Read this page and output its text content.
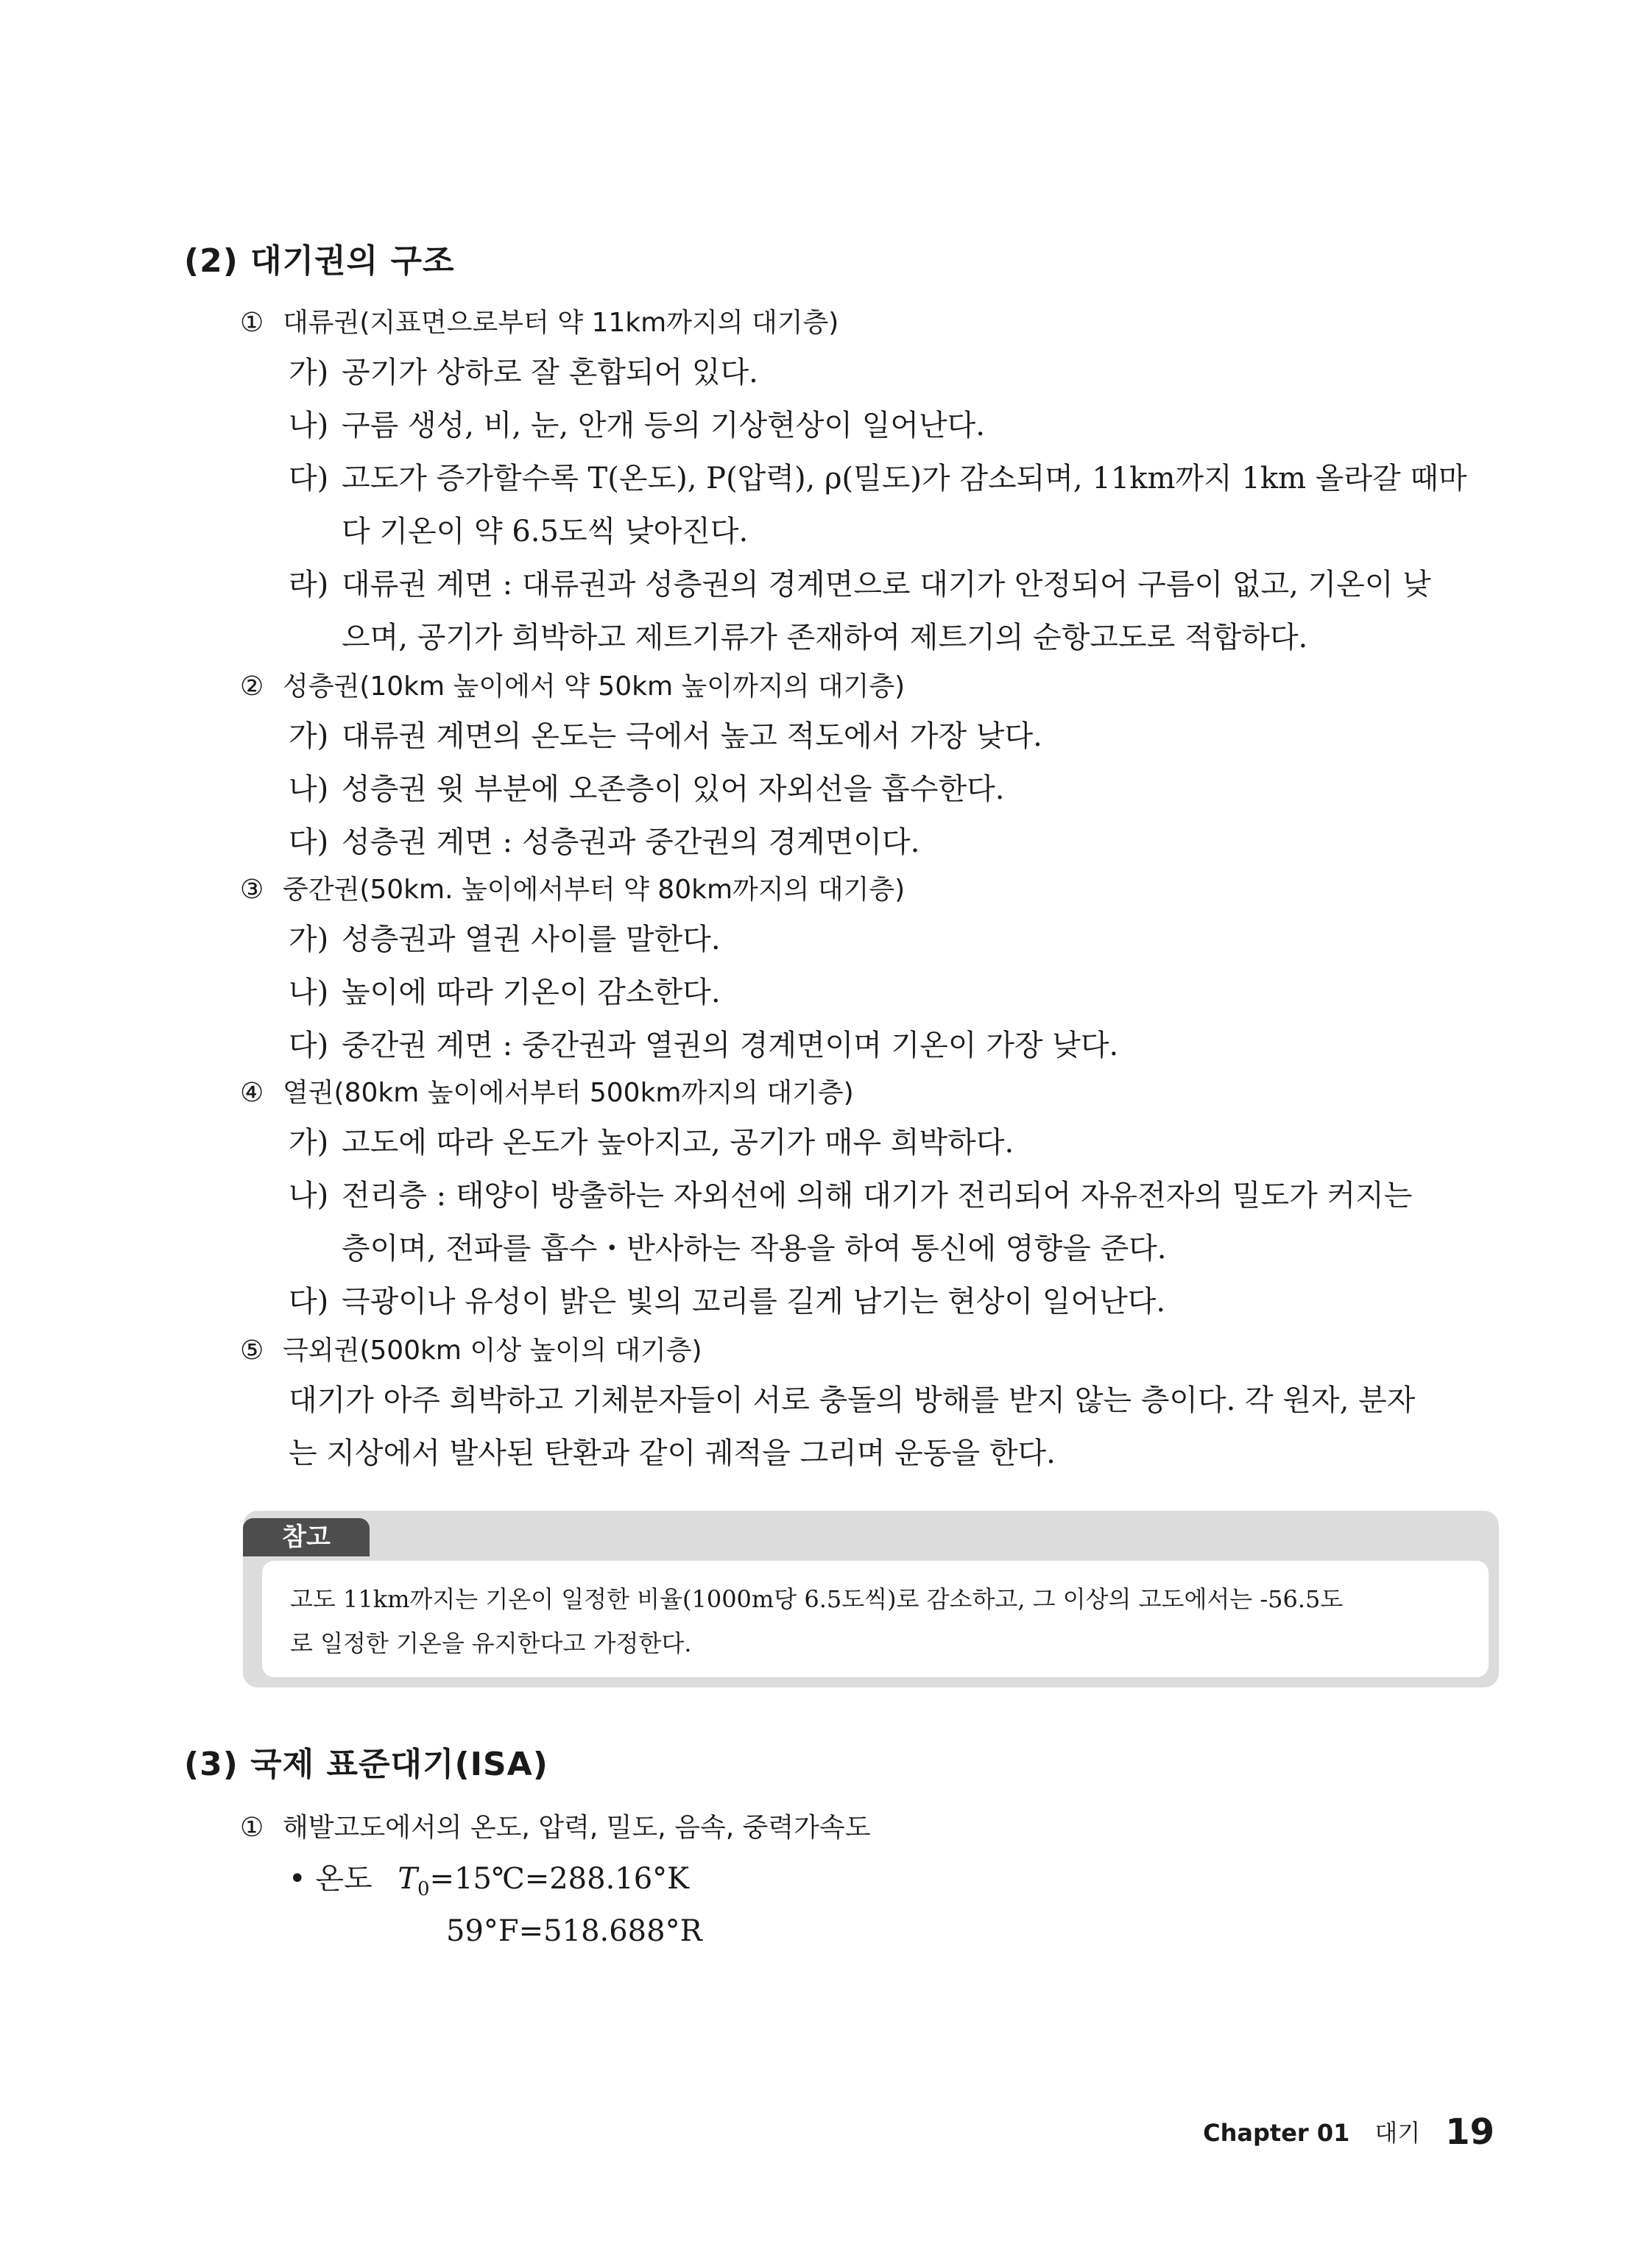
(2) 대기권의 구조
① 대류권(지표면으로부터 약 11km까지의 대기층)
가) 공기가 상하로 잘 혼합되어 있다.
나) 구름 생성, 비, 눈, 안개 등의 기상현상이 일어난다.
다) 고도가 증가할수록 T(온도), P(압력), ρ(밀도)가 감소되며, 11km까지 1km 올라갈 때마
다 기온이 약 6.5도씩 낮아진다.
라) 대류권 계면 : 대류권과 성층권의 경계면으로 대기가 안정되어 구름이 없고, 기온이 낮
으며, 공기가 희박하고 제트기류가 존재하여 제트기의 순항고도로 적합하다.
② 성층권(10km 높이에서 약 50km 높이까지의 대기층)
가) 대류권 계면의 온도는 극에서 높고 적도에서 가장 낮다.
나) 성층권 윗 부분에 오존층이 있어 자외선을 흡수한다.
다) 성층권 계면 : 성층권과 중간권의 경계면이다.
③ 중간권(50km. 높이에서부터 약 80km까지의 대기층)
가) 성층권과 열권 사이를 말한다.
나) 높이에 따라 기온이 감소한다.
다) 중간권 계면 : 중간권과 열권의 경계면이며 기온이 가장 낮다.
④ 열권(80km 높이에서부터 500km까지의 대기층)
가) 고도에 따라 온도가 높아지고, 공기가 매우 희박하다.
나) 전리층 : 태양이 방출하는 자외선에 의해 대기가 전리되어 자유전자의 밀도가 커지는
층이며, 전파를 흡수・반사하는 작용을 하여 통신에 영향을 준다.
다) 극광이나 유성이 밝은 빛의 꼬리를 길게 남기는 현상이 일어난다.
⑤ 극외권(500km 이상 높이의 대기층)
대기가 아주 희박하고 기체분자들이 서로 충돌의 방해를 받지 않는 층이다. 각 원자, 분자
는 지상에서 발사된 탄환과 같이 궤적을 그리며 운동을 한다.
참고
고도 11km까지는 기온이 일정한 비율(1000m당 6.5도씩)로 감소하고, 그 이상의 고도에서는 -56.5도
로 일정한 기온을 유지한다고 가정한다.
(3) 국제 표준대기(ISA)
① 해발고도에서의 온도, 압력, 밀도, 음속, 중력가속도
• 온도 $T_0=15℃=288.16^\circ K$
59°F=518.688°R
Chapter 01 대기 19
